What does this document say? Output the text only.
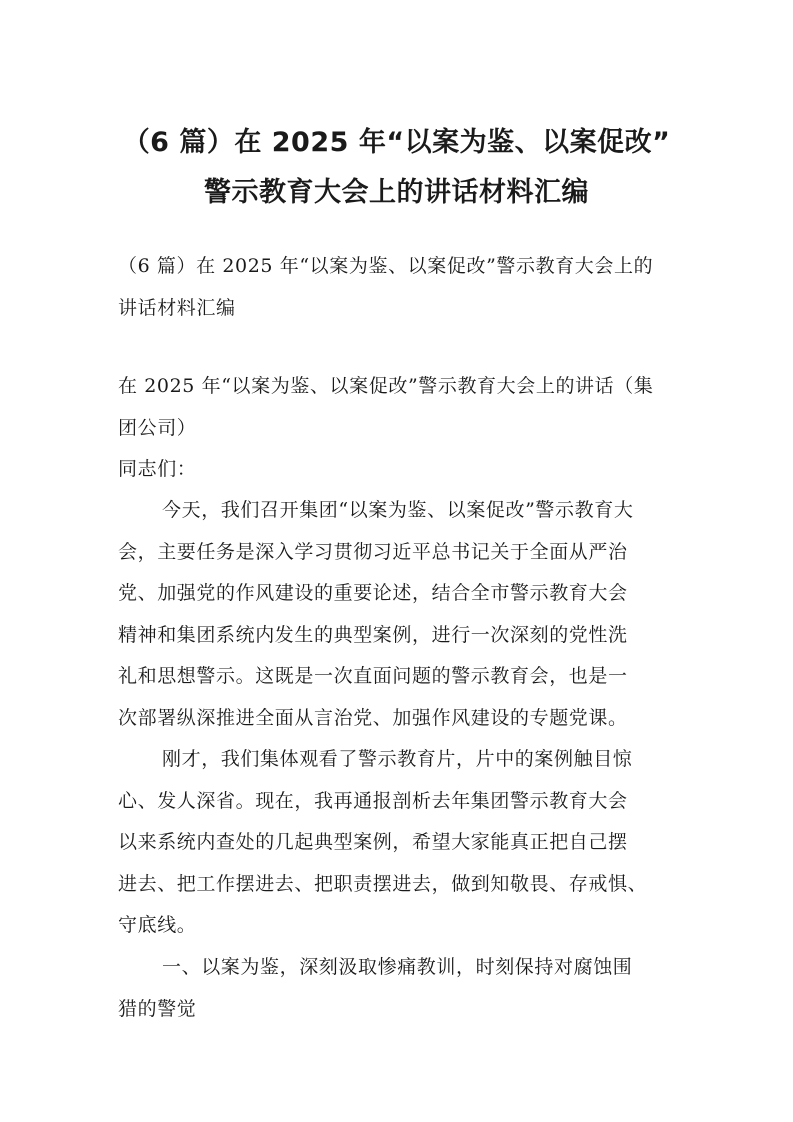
（6 篇）在 2025 年“以案为鉴、以案促改”
警示教育大会上的讲话材料汇编

（6 篇）在 2025 年“以案为鉴、以案促改”警示教育大会上的
讲话材料汇编

在 2025 年“以案为鉴、以案促改”警示教育大会上的讲话（集
团公司）
同志们：

今天，我们召开集团“以案为鉴、以案促改”警示教育大
会，主要任务是深入学习贯彻习近平总书记关于全面从严治
党、加强党的作风建设的重要论述，结合全市警示教育大会
精神和集团系统内发生的典型案例，进行一次深刻的党性洗
礼和思想警示。这既是一次直面问题的警示教育会，也是一
次部署纵深推进全面从言治党、加强作风建设的专题党课。

刚才，我们集体观看了警示教育片，片中的案例触目惊
心、发人深省。现在，我再通报剖析去年集团警示教育大会
以来系统内查处的几起典型案例，希望大家能真正把自己摆
进去、把工作摆进去、把职责摆进去，做到知敬畏、存戒惧、
守底线。

一、以案为鉴，深刻汲取惨痛教训，时刻保持对腐蚀围
猎的警觉
